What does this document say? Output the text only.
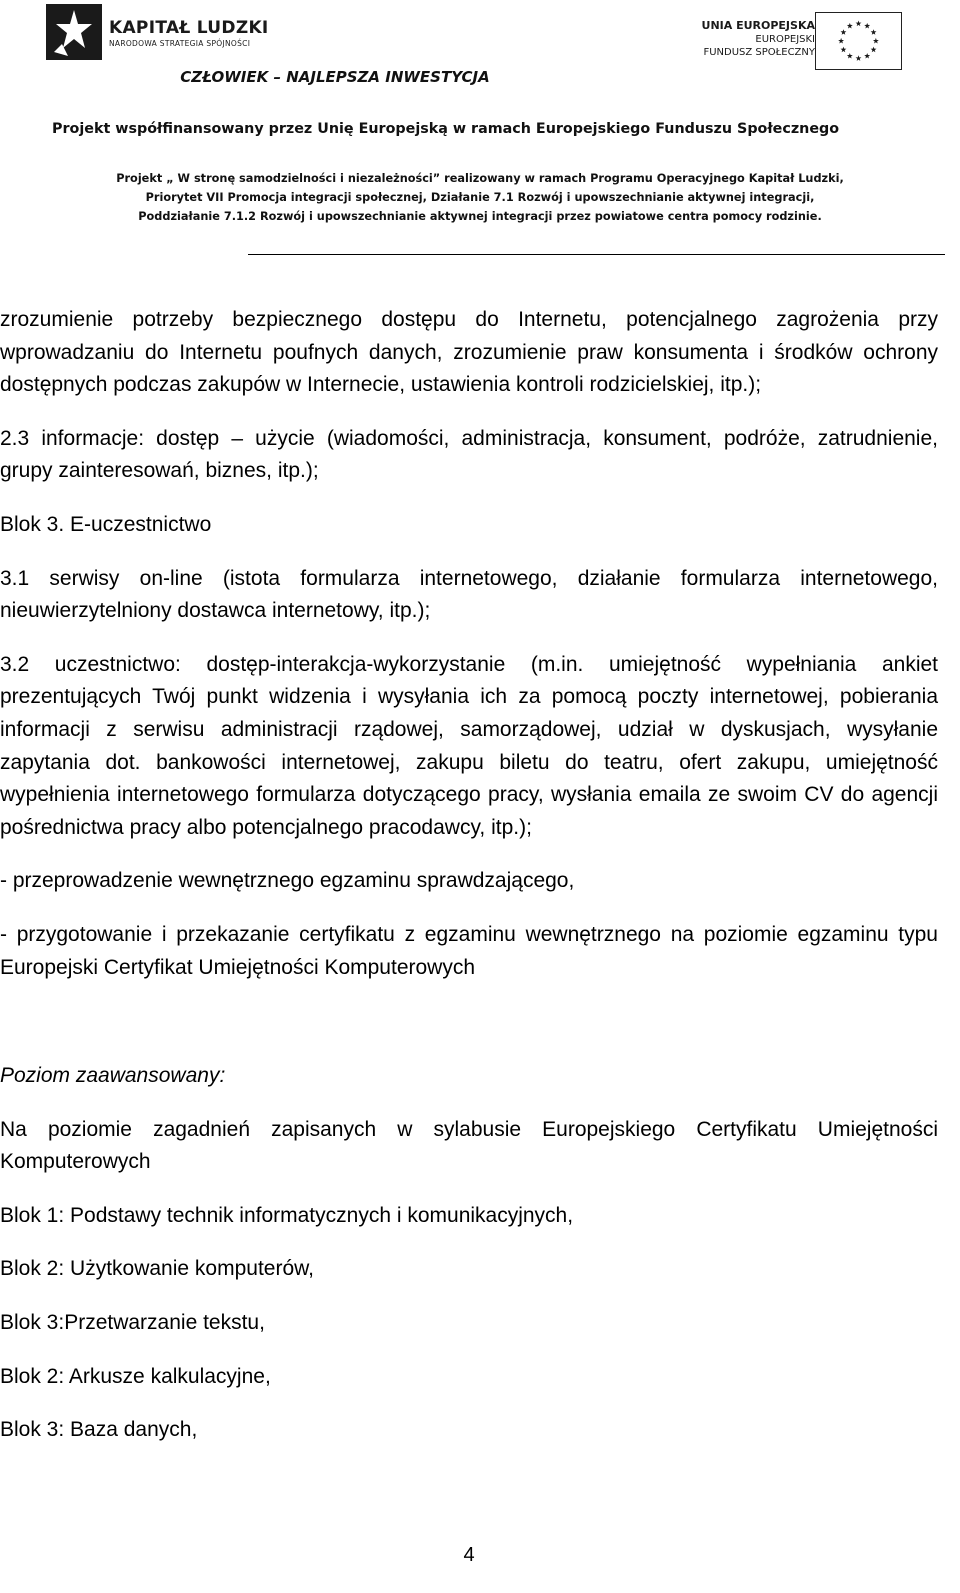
KAPITAŁ LUDZKI
NARODOWA STRATEGIA SPÓJNOŚCI
UNIA EUROPEJSKA
EUROPEJSKI
FUNDUSZ SPOŁECZNY
CZŁOWIEK – NAJLEPSZA INWESTYCJA
Projekt współfinansowany przez Unię Europejską w ramach Europejskiego Funduszu Społecznego
Projekt „ W stronę samodzielności i niezależności” realizowany w ramach Programu Operacyjnego Kapitał Ludzki,
Priorytet VII Promocja integracji społecznej, Działanie 7.1 Rozwój i upowszechnianie aktywnej integracji,
Poddziałanie 7.1.2 Rozwój i upowszechnianie aktywnej integracji przez powiatowe centra pomocy rodzinie.

zrozumienie potrzeby bezpiecznego dostępu do Internetu, potencjalnego zagrożenia przy wprowadzaniu do Internetu poufnych danych, zrozumienie praw konsumenta i środków ochrony dostępnych podczas zakupów w Internecie, ustawienia kontroli rodzicielskiej, itp.);

2.3 informacje: dostęp – użycie (wiadomości, administracja, konsument, podróże, zatrudnienie, grupy zainteresowań, biznes, itp.);

Blok 3. E-uczestnictwo

3.1 serwisy on-line (istota formularza internetowego, działanie formularza internetowego, nieuwierzytelniony dostawca internetowy, itp.);

3.2 uczestnictwo: dostęp-interakcja-wykorzystanie (m.in. umiejętność wypełniania ankiet prezentujących Twój punkt widzenia i wysyłania ich za pomocą poczty internetowej, pobierania informacji z serwisu administracji rządowej, samorządowej, udział w dyskusjach, wysyłanie zapytania dot. bankowości internetowej, zakupu biletu do teatru, ofert zakupu, umiejętność wypełnienia internetowego formularza dotyczącego pracy, wysłania emaila ze swoim CV do agencji pośrednictwa pracy albo potencjalnego pracodawcy, itp.);

- przeprowadzenie wewnętrznego egzaminu sprawdzającego,

- przygotowanie i przekazanie certyfikatu z egzaminu wewnętrznego na poziomie egzaminu typu Europejski Certyfikat Umiejętności Komputerowych

Poziom zaawansowany:

Na poziomie zagadnień zapisanych w sylabusie Europejskiego Certyfikatu Umiejętności Komputerowych

Blok 1: Podstawy technik informatycznych i komunikacyjnych,

Blok 2: Użytkowanie komputerów,

Blok 3:Przetwarzanie tekstu,

Blok 2: Arkusze kalkulacyjne,

Blok 3: Baza danych,

4
